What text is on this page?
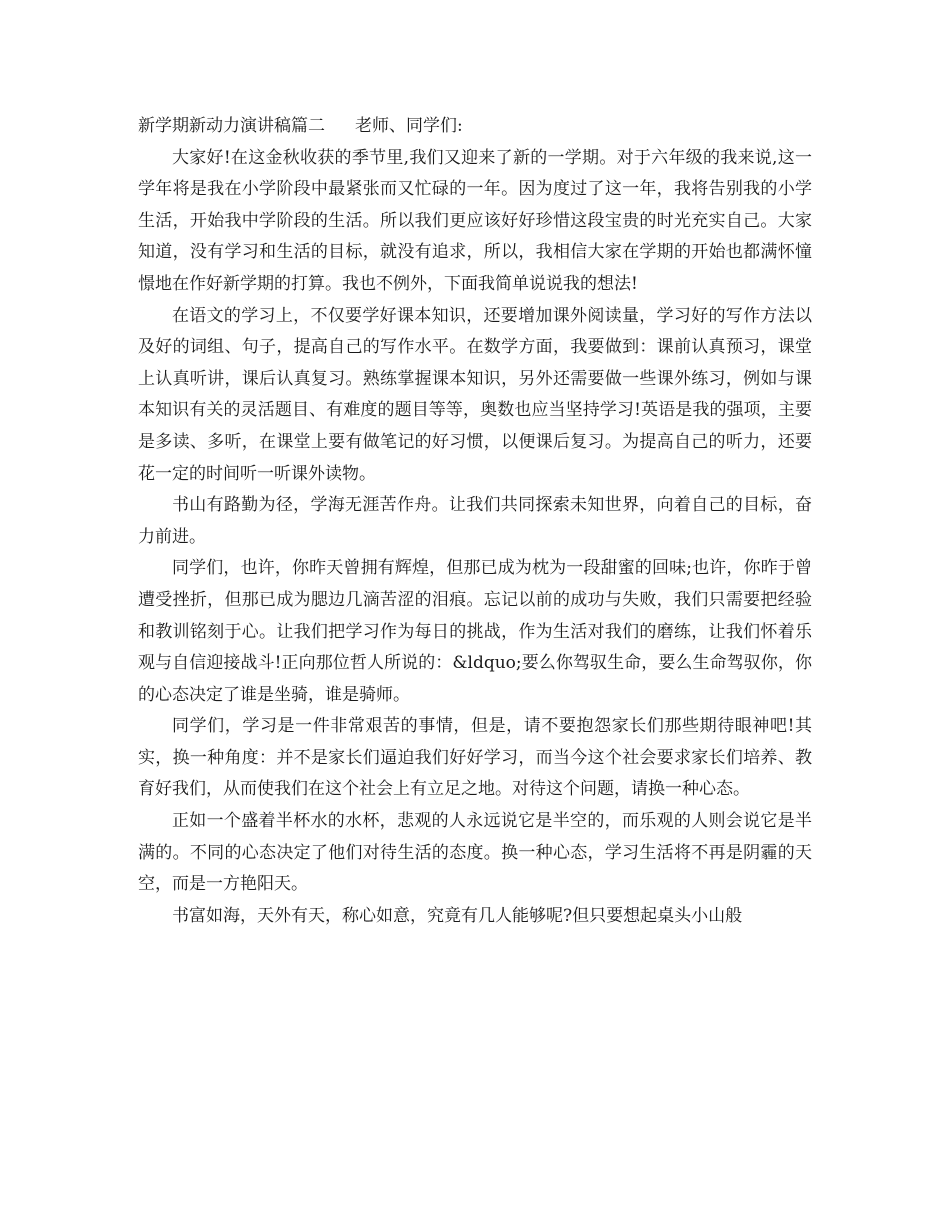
新学期新动力演讲稿篇二 老师、同学们:

大家好!在这金秋收获的季节里,我们又迎来了新的一学期。对于六年级的我来说,这一学年将是我在小学阶段中最紧张而又忙碌的一年。因为度过了这一年，我将告别我的小学生活，开始我中学阶段的生活。所以我们更应该好好珍惜这段宝贵的时光充实自己。大家知道，没有学习和生活的目标，就没有追求，所以，我相信大家在学期的开始也都满怀憧憬地在作好新学期的打算。我也不例外，下面我简单说说我的想法!

在语文的学习上，不仅要学好课本知识，还要增加课外阅读量，学习好的写作方法以及好的词组、句子，提高自己的写作水平。在数学方面，我要做到：课前认真预习，课堂上认真听讲，课后认真复习。熟练掌握课本知识，另外还需要做一些课外练习，例如与课本知识有关的灵活题目、有难度的题目等等，奥数也应当坚持学习!英语是我的强项，主要是多读、多听，在课堂上要有做笔记的好习惯，以便课后复习。为提高自己的听力，还要花一定的时间听一听课外读物。

书山有路勤为径，学海无涯苦作舟。让我们共同探索未知世界，向着自己的目标，奋力前进。

同学们，也许，你昨天曾拥有辉煌，但那已成为枕为一段甜蜜的回味;也许，你昨于曾遭受挫折，但那已成为腮边几滴苦涩的泪痕。忘记以前的成功与失败，我们只需要把经验和教训铭刻于心。让我们把学习作为每日的挑战，作为生活对我们的磨练，让我们怀着乐观与自信迎接战斗!正向那位哲人所说的：&ldquo;要么你驾驭生命，要么生命驾驭你，你的心态决定了谁是坐骑，谁是骑师。

同学们，学习是一件非常艰苦的事情，但是，请不要抱怨家长们那些期待眼神吧!其实，换一种角度：并不是家长们逼迫我们好好学习，而当今这个社会要求家长们培养、教育好我们，从而使我们在这个社会上有立足之地。对待这个问题，请换一种心态。

正如一个盛着半杯水的水杯，悲观的人永远说它是半空的，而乐观的人则会说它是半满的。不同的心态决定了他们对待生活的态度。换一种心态，学习生活将不再是阴霾的天空，而是一方艳阳天。

书富如海，天外有天，称心如意，究竟有几人能够呢?但只要想起桌头小山般
